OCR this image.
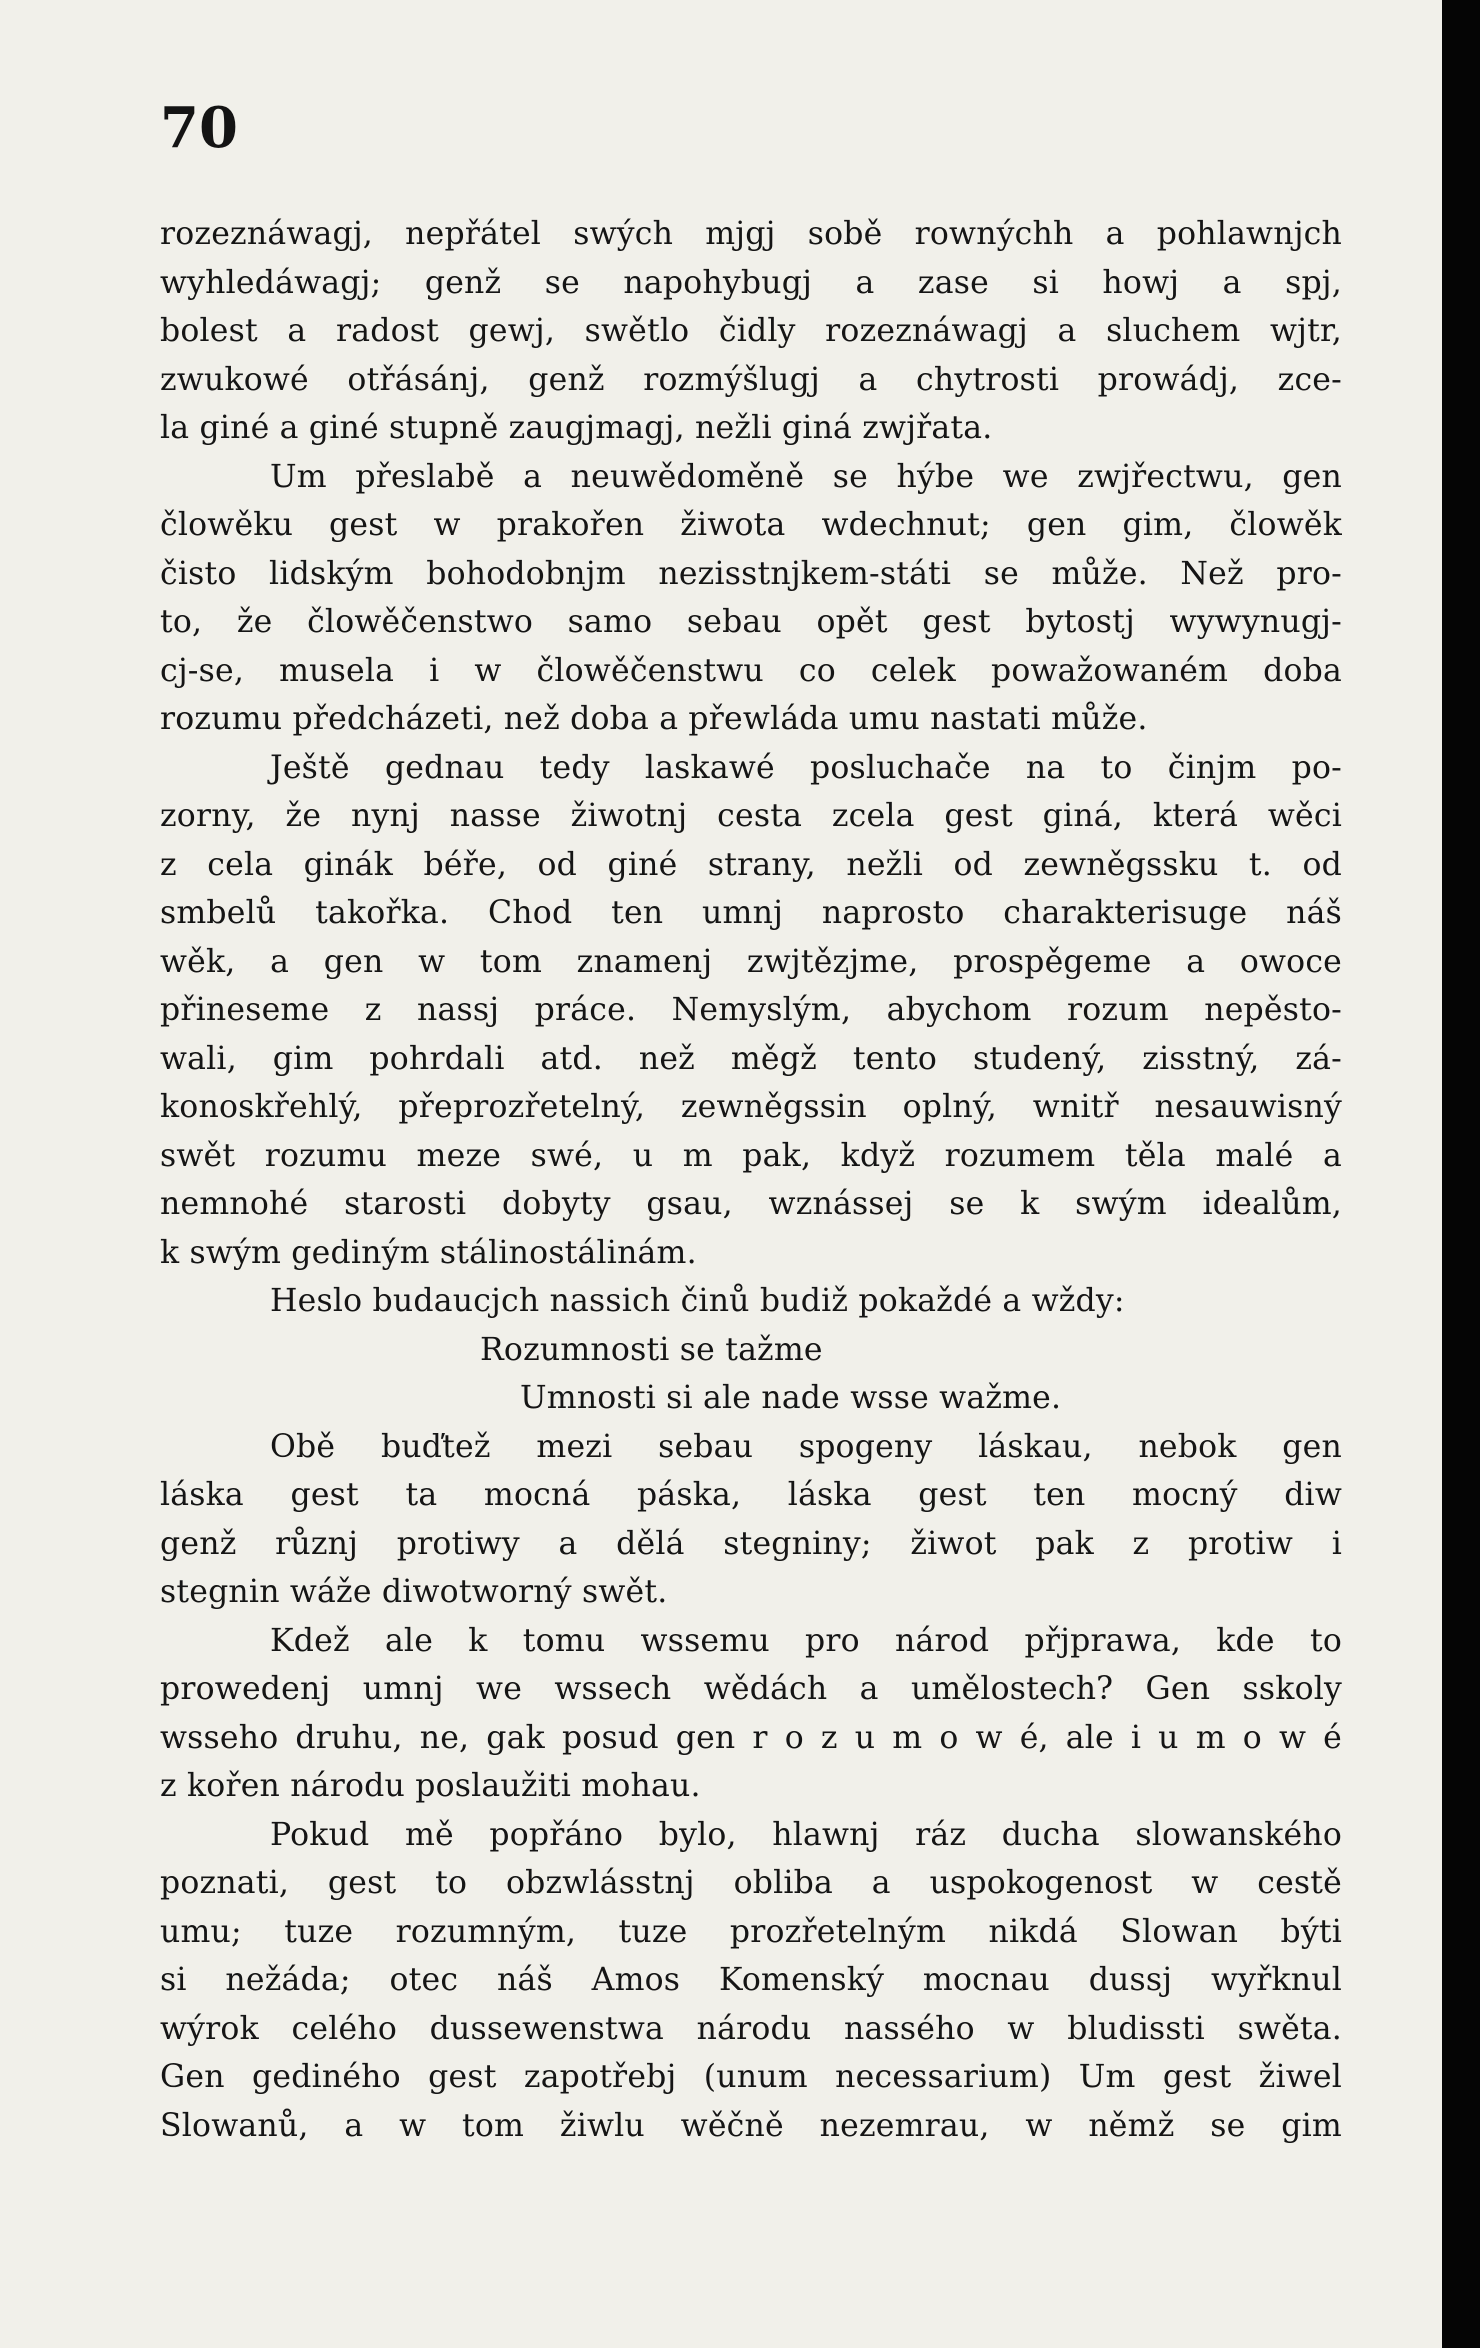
70

rozeznáwagj, nepřátel swých mjgj sobě rownýchh a pohlawnjch
wyhledáwagj; genž se napohybugj a zase si howj a spj,
bolest a radost gewj, swětlo čidly rozeznáwagj a sluchem wjtr,
zwukowé otřásánj, genž rozmýšlugj a chytrosti prowádj, zce-
la giné a giné stupně zaugjmagj, nežli giná zwjřata.

Um přeslabě a neuwědoměně se hýbe we zwjřectwu, gen
člowěku gest w prakořen žiwota wdechnut; gen gim, člowěk
čisto lidským bohodobnjm nezisstnjkem-státi se může. Než pro-
to, že člowěčenstwo samo sebau opět gest bytostj wywynugj-
cj-se, musela i w člowěčenstwu co celek powažowaném doba
rozumu předcházeti, než doba a přewláda umu nastati může.

Ještě gednau tedy laskawé posluchače na to činjm po-
zorny, že nynj nasse žiwotnj cesta zcela gest giná, která wěci
z cela ginák béře, od giné strany, nežli od zewněgssku t. od
smbelů takořka. Chod ten umnj naprosto charakterisuge náš
wěk, a gen w tom znamenj zwjtězjme, prospěgeme a owoce
přineseme z nassj práce. Nemyslým, abychom rozum nepěsto-
wali, gim pohrdali atd. než měgž tento studený, zisstný, zá-
konoskřehlý, přeprozřetelný, zewněgssin oplný, wnitř nesauwisný
swět rozumu meze swé, u m pak, když rozumem těla malé a
nemnohé starosti dobyty gsau, wznássej se k swým idealům,
k swým gediným stálinostálinám.

Heslo budaucjch nassich činů budiž pokaždé a wždy:

Rozumnosti se tažme
Umnosti si ale nade wsse wažme.

Obě buďtež mezi sebau spogeny láskau, nebok gen
láska gest ta mocná páska, láska gest ten mocný diw
genž různj protiwy a dělá stegniny; žiwot pak z protiw i
stegnin wáže diwotworný swět.

Kdež ale k tomu wssemu pro národ přjprawa, kde to
prowedenj umnj we wssech wědách a umělostech? Gen sskoly
wsseho druhu, ne, gak posud gen r o z u m o w é, ale i u m o w é
z kořen národu poslaužiti mohau.

Pokud mě popřáno bylo, hlawnj ráz ducha slowanského
poznati, gest to obzwlásstnj obliba a uspokogenost w cestě
umu; tuze rozumným, tuze prozřetelným nikdá Slowan býti
si nežáda; otec náš Amos Komenský mocnau dussj wyřknul
wýrok celého dussewenstwa národu nassého w bludissti swěta.
Gen gediného gest zapotřebj (unum necessarium) Um gest žiwel
Slowanů, a w tom žiwlu wěčně nezemrau, w němž se gim
